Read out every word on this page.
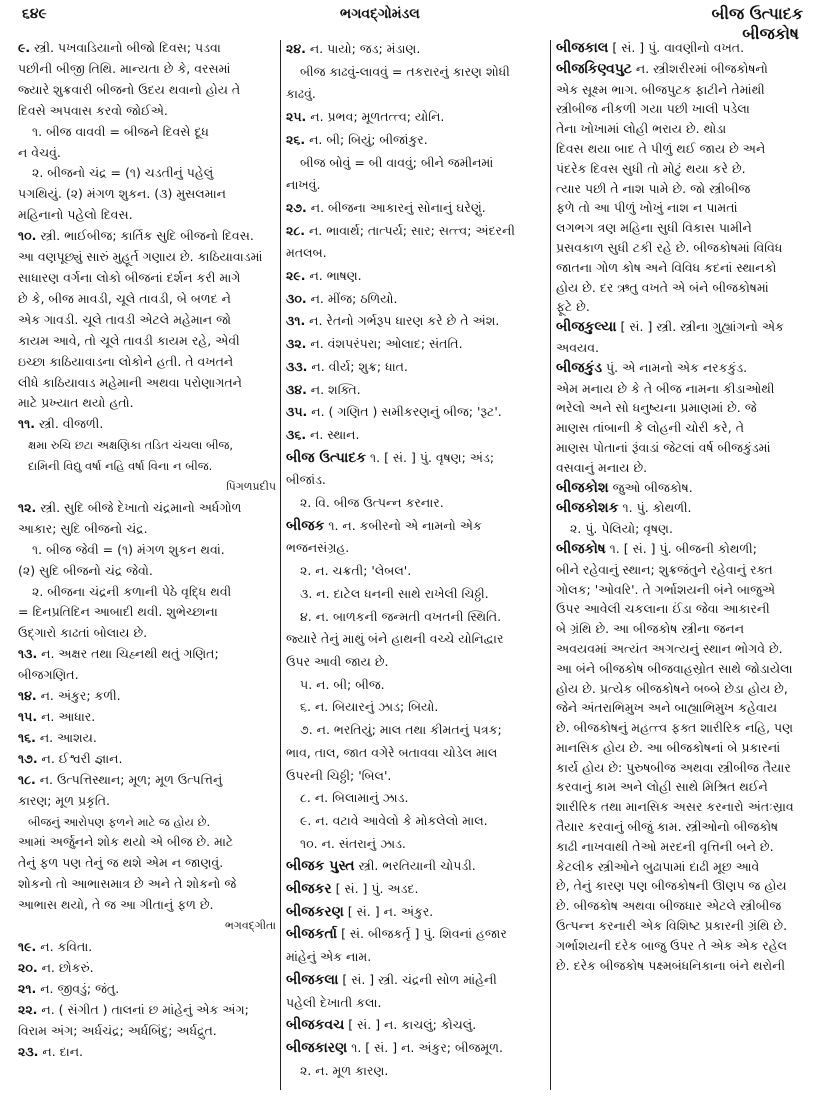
૬૪૯	ભગવદ્ગોમંડલ	બીજ ઉત્પાદક
બીજકોષ
૯. સ્ત્રી. પખવાડિયાનો બીજો દિવસ; પડવા
પછીની બીજી તિથિ. માન્યતા છે કે, વરસમાં
જ્યારે શુક્રવારી બીજનો ઉદય થવાનો હોય તે
દિવસે અપવાસ કરવો જોઈએ.
૧. બીજ વાવવી = બીજને દિવસે દૂધ
ન વેચવું.
૨. બીજનો ચંદ્ર = (૧) ચડતીનું પહેલું
પગથિયું. (૨) મંગળ શુકન. (૩) મુસલમાન
મહિનાનો પહેલો દિવસ.
૧૦. સ્ત્રી. ભાઈબીજ; કાર્તિક સુદિ બીજનો દિવસ.
આ વણપૂછ્યું સારું મુહૂર્ત ગણાય છે. કાઠિયાવાડમાં
સાધારણ વર્ગના લોકો બીજનાં દર્શન કરી માગે
છે કે, બીજ માવડી, ચૂલે તાવડી, બે બળદ ને
એક ગાવડી. ચૂલે તાવડી એટલે મહેમાન જો
કાયમ આવે, તો ચૂલે તાવડી કાયમ રહે, એવી
ઇચ્છા કાઠિયાવાડના લોકોને હતી. તે વખતને
લીધે કાઠિયાવાડ મહેમાની અથવા પરોણાગતને
માટે પ્રખ્યાત થયો હતો.
૧૧. સ્ત્રી. વીજળી.
ક્ષમા રુચિ છટા અક્ષણિકા તડિત ચંચલા બીજ,
દામિની વિદ્યુ વર્ષા નહિ વર્ષા વિના ન બીજ.
પિંગળપ્રદીપ
૧૨. સ્ત્રી. સુદિ બીજે દેખાતો ચંદ્રમાનો અર્ધગોળ
આકાર; સુદિ બીજનો ચંદ્ર.
૧. બીજ જેવી = (૧) મંગળ શુકન થવાં.
(૨) સુદિ બીજનો ચંદ્ર જેવો.
૨. બીજના ચંદ્રની કળાની પેઠે વૃદ્ધિ થવી
= દિનપ્રતિદિન આબાદી થવી. શુભેચ્છાના
ઉદ્ગારો કાઢતાં બોલાય છે.
૧૩. ન. અક્ષર તથા ચિહ્નથી થતું ગણિત;
બીજગણિત.
૧૪. ન. અંકુર; કળી.
૧૫. ન. આધાર.
૧૬. ન. આશય.
૧૭. ન. ઈશ્વરી જ્ઞાન.
૧૮. ન. ઉત્પત્તિસ્થાન; મૂળ; મૂળ ઉત્પત્તિનું
કારણ; મૂળ પ્રકૃતિ.
બીજનું આરોપણ ફળને માટે જ હોય છે.
આમાં અર્જુનને શોક થયો એ બીજ છે. માટે
તેનું ફળ પણ તેનું જ થશે એમ ન જાણવું.
શોકનો તો આભાસમાત્ર છે અને તે શોકનો જે
આભાસ થયો, તે જ આ ગીતાનું ફળ છે.
ભગવદ્ગીતા
૧૯. ન. કવિતા.
૨૦. ન. છોકરું.
૨૧. ન. જીવડું; જંતુ.
૨૨. ન. ( સંગીત ) તાલનાં છ માંહેનું એક અંગ;
વિરામ અંગ; અર્ધચંદ્ર; અર્ધબિંદુ; અર્ધદ્રુત.
૨૩. ન. દાન.
૨૪. ન. પાયો; જડ; મંડાણ.
બીજ કાઢવું-લાવવું = તકરારનું કારણ શોધી
કાઢવું.
૨૫. ન. પ્રભવ; મૂળતત્ત્વ; યોનિ.
૨૬. ન. બી; બિયું; બીજાંકુર.
બીજ બોવું = બી વાવવું; બીને જમીનમાં
નાખવું.
૨૭. ન. બીજના આકારનું સોનાનું ઘરેણું.
૨૮. ન. ભાવાર્થ; તાત્પર્ય; સાર; સત્ત્વ; અંદરની
મતલબ.
૨૯. ન. ભાષણ.
૩૦. ન. મીંજ; ઠળિયો.
૩૧. ન. રેતનો ગર્ભરૂપ ધારણ કરે છે તે અંશ.
૩૨. ન. વંશપરંપરા; ઓલાદ; સંતતિ.
૩૩. ન. વીર્ય; શુક્ર; ધાત.
૩૪. ન. શક્તિ.
૩૫. ન. ( ગણિત ) સમીકરણનું બીજ; 'રૂટ'.
૩૬. ન. સ્થાન.
બીજ ઉત્પાદક ૧. [ સં. ] પું. વૃષણ; અંડ;
બીજાંડ.
૨. વિ. બીજ ઉત્પન્ન કરનાર.
બીજક ૧. ન. કબીરનો એ નામનો એક
ભજનસંગ્રહ.
૨. ન. ચક્રતી; 'લેબલ'.
૩. ન. દાટેલ ધનની સાથે રાખેલી ચિઠ્ઠી.
૪. ન. બાળકની જન્મતી વખતની સ્થિતિ.
જ્યારે તેનું માથું બંને હાથની વચ્ચે યોનિદ્વાર
ઉપર આવી જાય છે.
૫. ન. બી; બીજ.
૬. ન. બિયારનું ઝાડ; બિયો.
૭. ન. ભરતિયું; માલ તથા કીમતનું પત્રક;
ભાવ, તાલ, જાત વગેરે બતાવવા ચોડેલ માલ
ઉપરની ચિઠ્ઠી; 'બિલ'.
૮. ન. બિલામાનું ઝાડ.
૯. ન. વટાવે આવેલો કે મોકલેલો માલ.
૧૦. ન. સંતરાનું ઝાડ.
બીજક પુસ્ત સ્ત્રી. ભરતિયાની ચોપડી.
બીજકર [ સં. ] પું. અડદ.
બીજકરણ [ સં. ] ન. અંકુર.
બીજકર્તા [ સં. બીજકર્તૃ ] પું. શિવનાં હજાર
માંહેનું એક નામ.
બીજકલા [ સં. ] સ્ત્રી. ચંદ્રની સોળ માંહેની
પહેલી દેખાતી કલા.
બીજકવચ [ સં. ] ન. કાચલું; કોચલું.
બીજકારણ ૧. [ સં. ] ન. અંકુર; બીજમૂળ.
૨. ન. મૂળ કારણ.
બીજકાલ [ સં. ] પું. વાવણીનો વખત.
બીજકિણ્વપુટ ન. સ્ત્રીશરીરમાં બીજકોષનો
એક સૂક્ષ્મ ભાગ. બીજપુટક ફાટીને તેમાંથી
સ્ત્રીબીજ નીકળી ગયા પછી ખાલી પડેલા
તેના ખોખામાં લોહી ભરાય છે. થોડા
દિવસ થયા બાદ તે પીળું થઈ જાય છે અને
પંદરેક દિવસ સુધી તો મોટું થયા કરે છે.
ત્યાર પછી તે નાશ પામે છે. જો સ્ત્રીબીજ
ફળે તો આ પીળું ખોખું નાશ ન પામતાં
લગભગ ત્રણ મહિના સુધી વિકાસ પામીને
પ્રસવકાળ સુધી ટકી રહે છે. બીજકોષમાં વિવિધ
જાતના ગોળ કોષ અને વિવિધ કદનાં સ્થાનકો
હોય છે. દર ઋતુ વખતે એ બંને બીજકોષમાં
ફૂટે છે.
બીજકુલ્યા [ સં. ] સ્ત્રી. સ્ત્રીના ગુહ્યાંગનો એક
અવયવ.
બીજકુંડ પું. એ નામનો એક નરકકુંડ.
એમ મનાય છે કે તે બીજ નામના કીડાઓથી
ભરેલો અને સો ધનુષ્યના પ્રમાણમાં છે. જે
માણસ તાંબાની કે લોહની ચોરી કરે, તે
માણસ પોતાનાં રૂંવાડાં જેટલાં વર્ષ બીજકુંડમાં
વસવાનું મનાય છે.
બીજકોશ જુઓ બીજકોષ.
બીજકોશક ૧. પું. કોથળી.
૨. પું. પેલિયો; વૃષણ.
બીજકોષ ૧. [ સં. ] પું. બીજની કોથળી;
બીને રહેવાનું સ્થાન; શુક્રજંતુને રહેવાનું રક્ત
ગોલક; 'ઓવરિ'. તે ગર્ભાશયની બંને બાજુએ
ઉપર આવેલી ચકલાના ઈંડા જેવા આકારની
બે ગ્રંથિ છે. આ બીજકોષ સ્ત્રીના જનન
અવયવમાં અત્યંત અગત્યનું સ્થાન ભોગવે છે.
આ બંને બીજકોષ બીજવાહસ્રોત સાથે જોડાયેલા
હોય છે. પ્રત્યેક બીજકોષને બબ્બે છેડા હોય છે,
જેને અંતરાભિમુખ અને બાહ્યાભિમુખ કહેવાય
છે. બીજકોષનું મહત્ત્વ ફક્ત શારીરિક નહિ, પણ
માનસિક હોય છે. આ બીજકોષનાં બે પ્રકારનાં
કાર્ય હોય છે: પુરુષબીજ અથવા સ્ત્રીબીજ તૈયાર
કરવાનું કામ અને લોહી સાથે મિશ્રિત થઈને
શારીરિક તથા માનસિક અસર કરનારો અંતઃસ્રાવ
તૈયાર કરવાનું બીજું કામ. સ્ત્રીઓનો બીજકોષ
કાઢી નાખવાથી તેઓ મરદની વૃત્તિની બને છે.
કેટલીક સ્ત્રીઓને બુઢાપામાં દાઢી મૂછ આવે
છે, તેનું કારણ પણ બીજકોષની ઊણપ જ હોય
છે. બીજકોષ અથવા બીજધાર એટલે સ્ત્રીબીજ
ઉત્પન્ન કરનારી એક વિશિષ્ટ પ્રકારની ગ્રંથિ છે.
ગર્ભાશયની દરેક બાજુ ઉપર તે એક એક રહેલ
છે. દરેક બીજકોષ પક્ષ્મબંધનિકાના બંને થરોની
